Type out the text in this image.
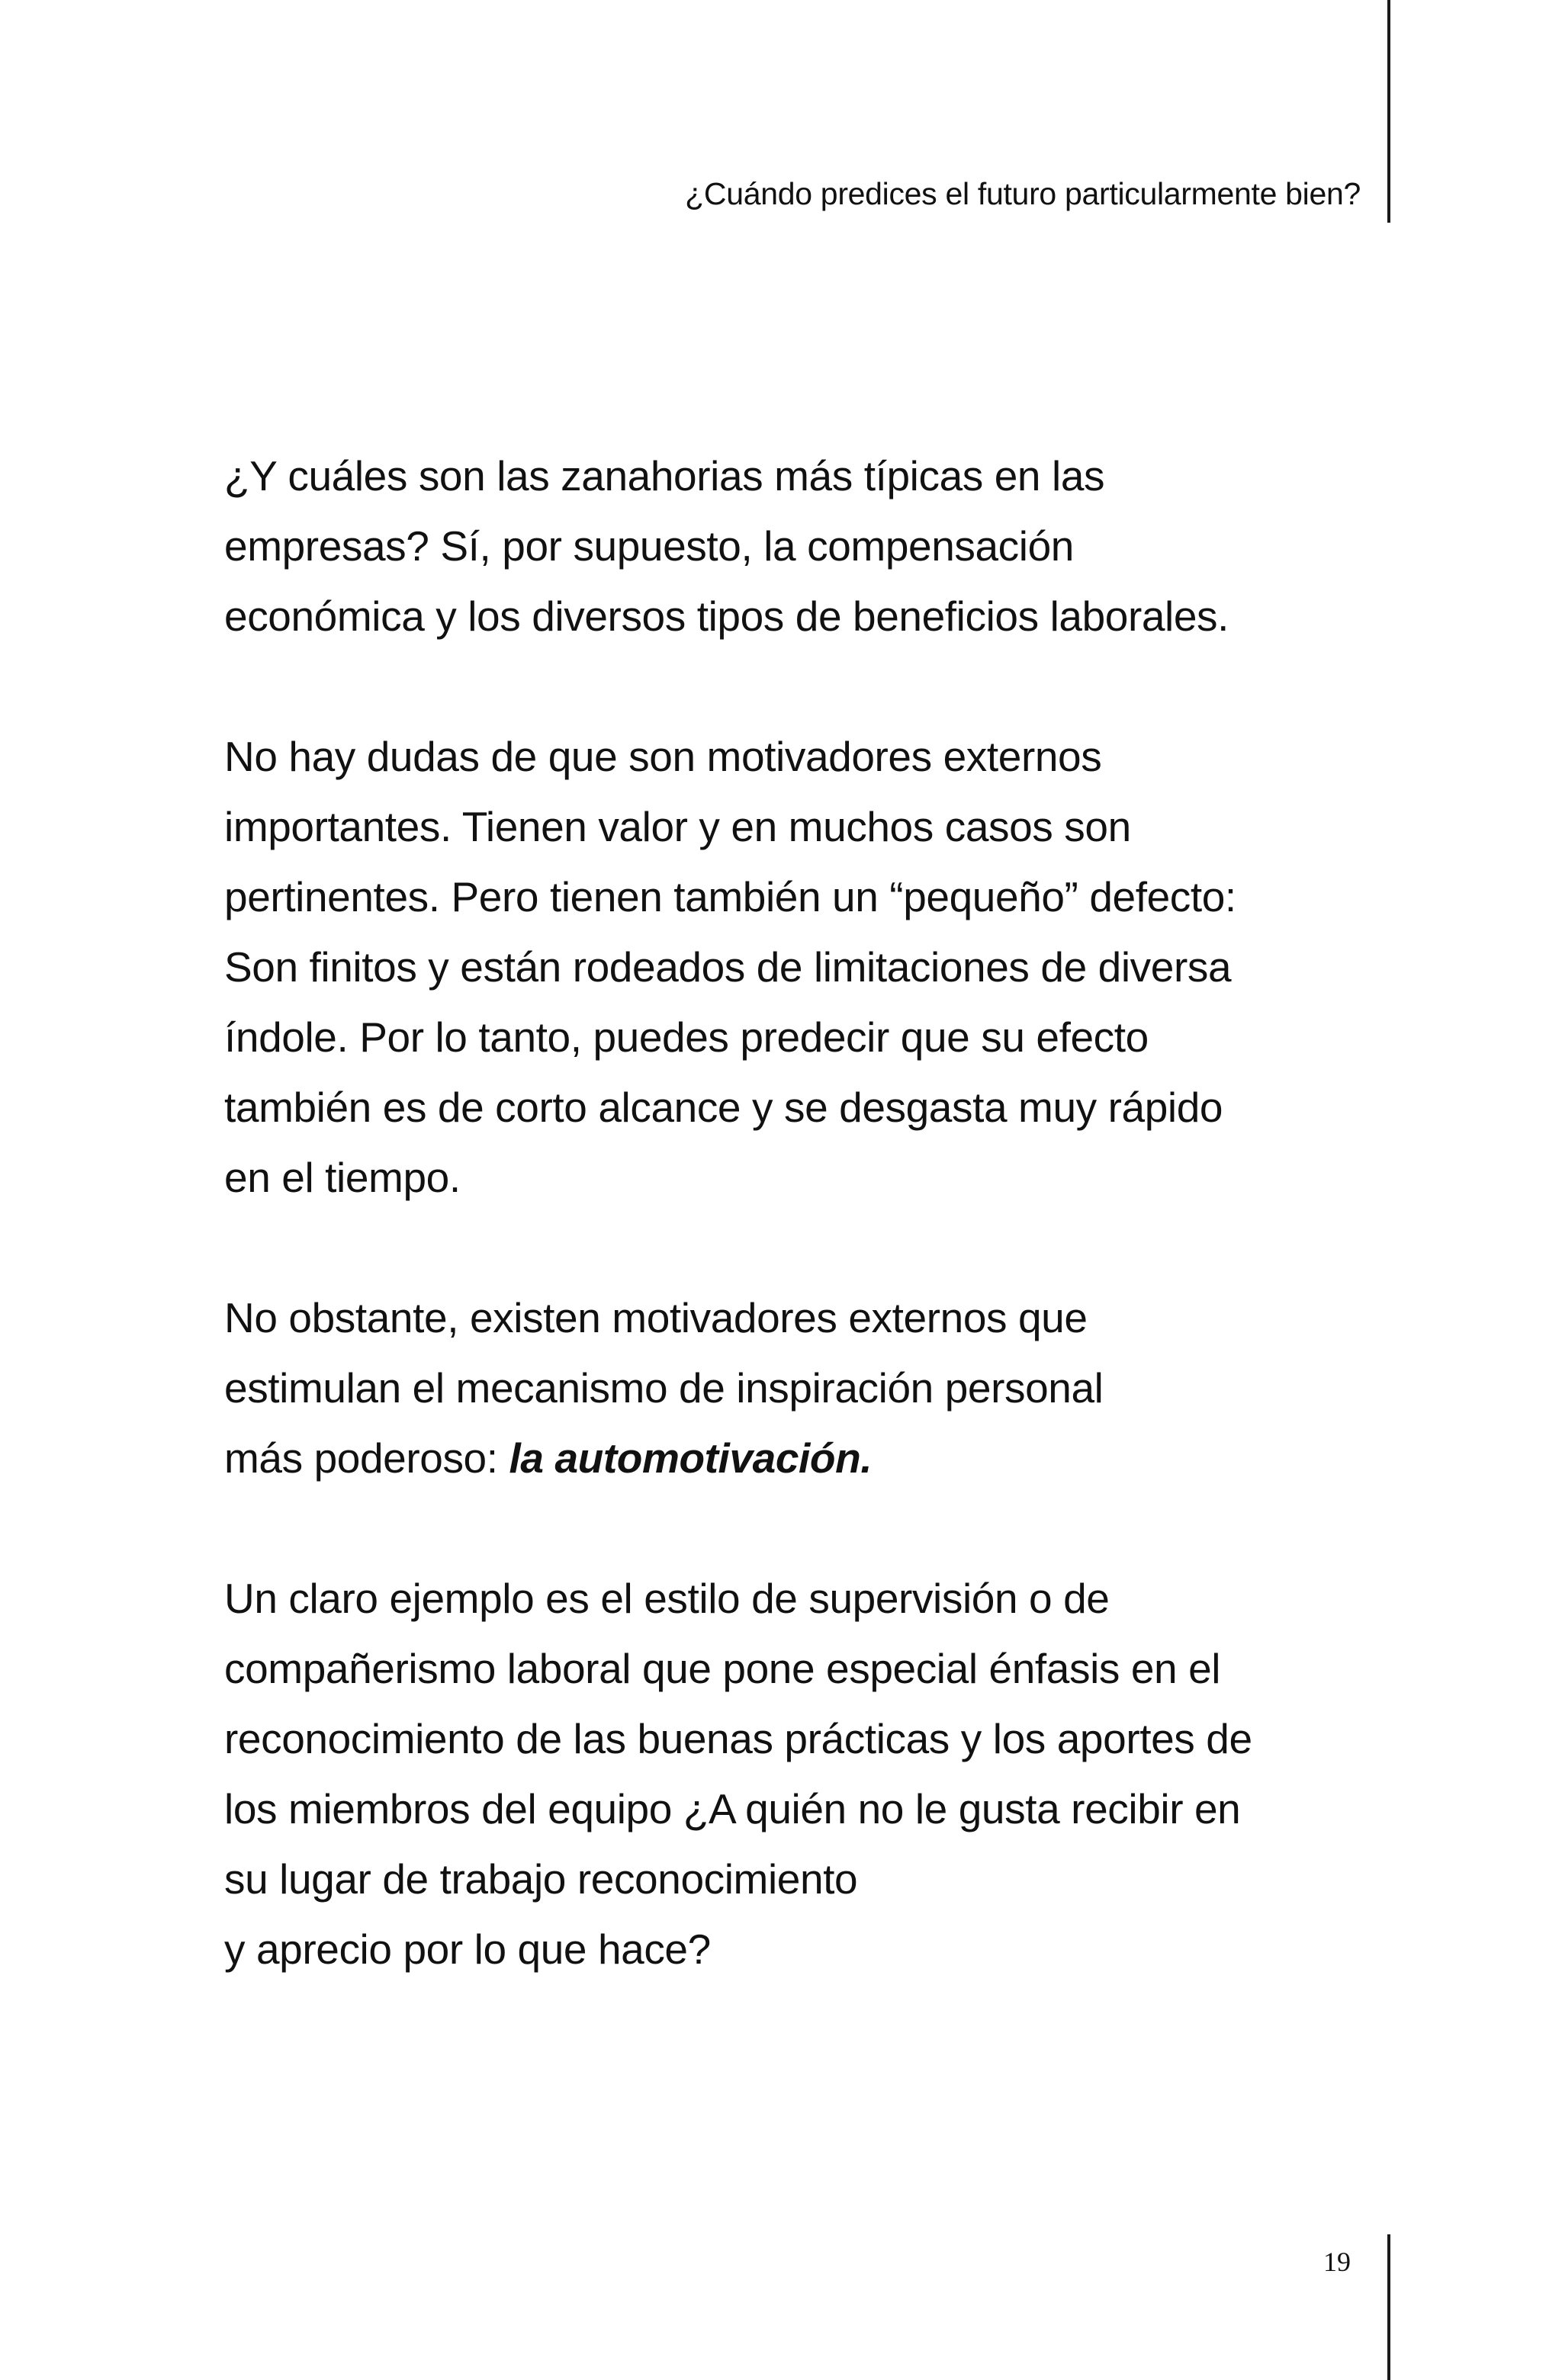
¿Cuándo predices el futuro particularmente bien?

¿Y cuáles son las zanahorias más típicas en las
empresas? Sí, por supuesto, la compensación
económica y los diversos tipos de beneficios laborales.

No hay dudas de que son motivadores externos
importantes. Tienen valor y en muchos casos son
pertinentes. Pero tienen también un “pequeño” defecto:
Son finitos y están rodeados de limitaciones de diversa
índole. Por lo tanto, puedes predecir que su efecto
también es de corto alcance y se desgasta muy rápido
en el tiempo.

No obstante, existen motivadores externos que
estimulan el mecanismo de inspiración personal
más poderoso: la automotivación.

Un claro ejemplo es el estilo de supervisión o de
compañerismo laboral que pone especial énfasis en el
reconocimiento de las buenas prácticas y los aportes de
los miembros del equipo ¿A quién no le gusta recibir en
su lugar de trabajo reconocimiento
y aprecio por lo que hace?

19
